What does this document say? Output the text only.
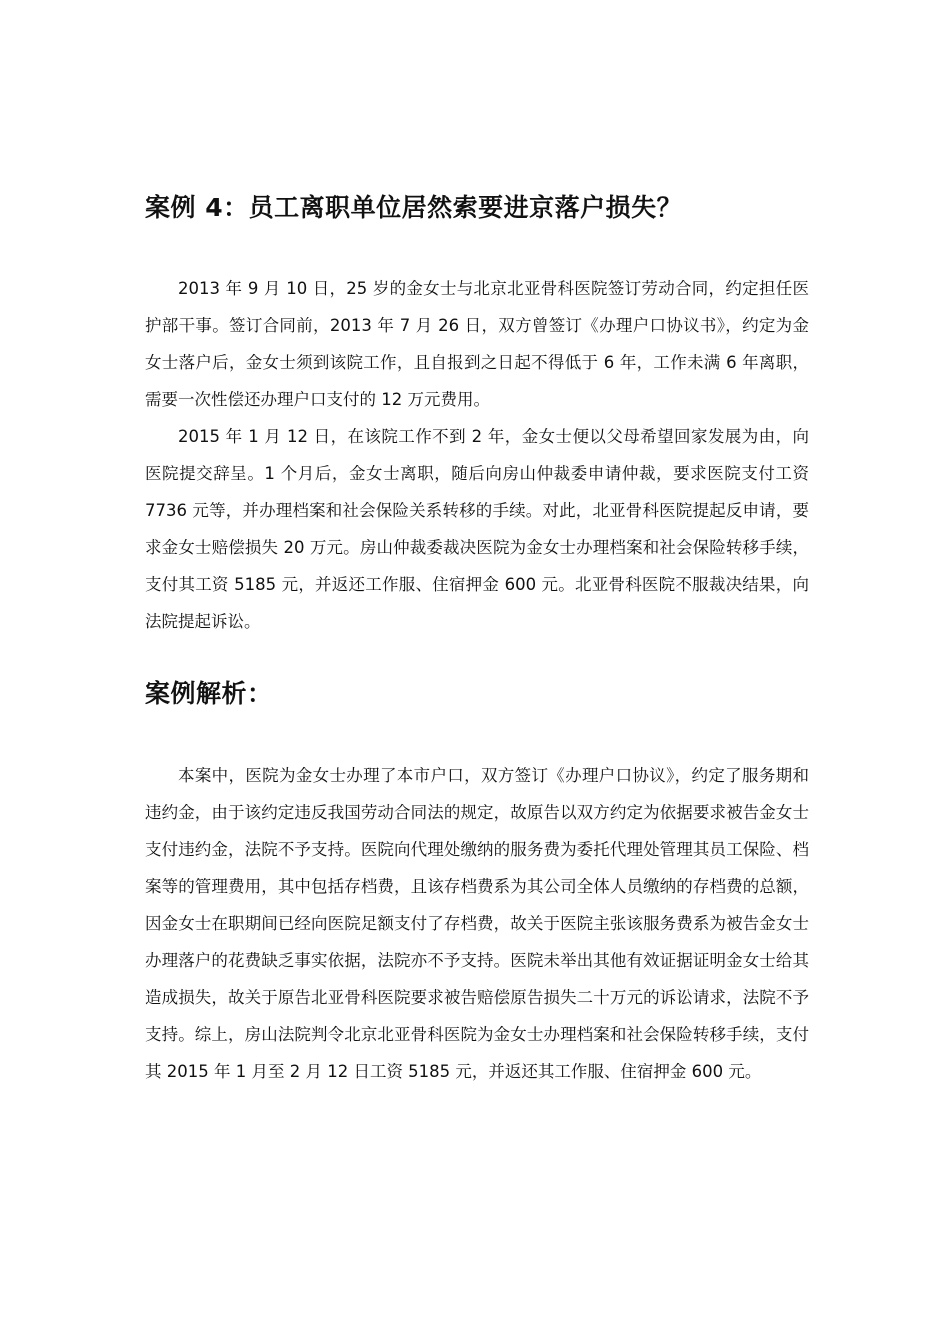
案例 4：员工离职单位居然索要进京落户损失？

2013 年 9 月 10 日，25 岁的金女士与北京北亚骨科医院签订劳动合同，约定担任医护部干事。签订合同前，2013 年 7 月 26 日，双方曾签订《办理户口协议书》，约定为金女士落户后，金女士须到该院工作，且自报到之日起不得低于 6 年，工作未满 6 年离职，需要一次性偿还办理户口支付的 12 万元费用。

2015 年 1 月 12 日，在该院工作不到 2 年，金女士便以父母希望回家发展为由，向医院提交辞呈。1 个月后，金女士离职，随后向房山仲裁委申请仲裁，要求医院支付工资 7736 元等，并办理档案和社会保险关系转移的手续。对此，北亚骨科医院提起反申请，要求金女士赔偿损失 20 万元。房山仲裁委裁决医院为金女士办理档案和社会保险转移手续，支付其工资 5185 元，并返还工作服、住宿押金 600 元。北亚骨科医院不服裁决结果，向法院提起诉讼。

案例解析：

本案中，医院为金女士办理了本市户口，双方签订《办理户口协议》，约定了服务期和违约金，由于该约定违反我国劳动合同法的规定，故原告以双方约定为依据要求被告金女士支付违约金，法院不予支持。医院向代理处缴纳的服务费为委托代理处管理其员工保险、档案等的管理费用，其中包括存档费，且该存档费系为其公司全体人员缴纳的存档费的总额，因金女士在职期间已经向医院足额支付了存档费，故关于医院主张该服务费系为被告金女士办理落户的花费缺乏事实依据，法院亦不予支持。医院未举出其他有效证据证明金女士给其造成损失，故关于原告北亚骨科医院要求被告赔偿原告损失二十万元的诉讼请求，法院不予支持。综上，房山法院判令北京北亚骨科医院为金女士办理档案和社会保险转移手续，支付其 2015 年 1 月至 2 月 12 日工资 5185 元，并返还其工作服、住宿押金 600 元。
